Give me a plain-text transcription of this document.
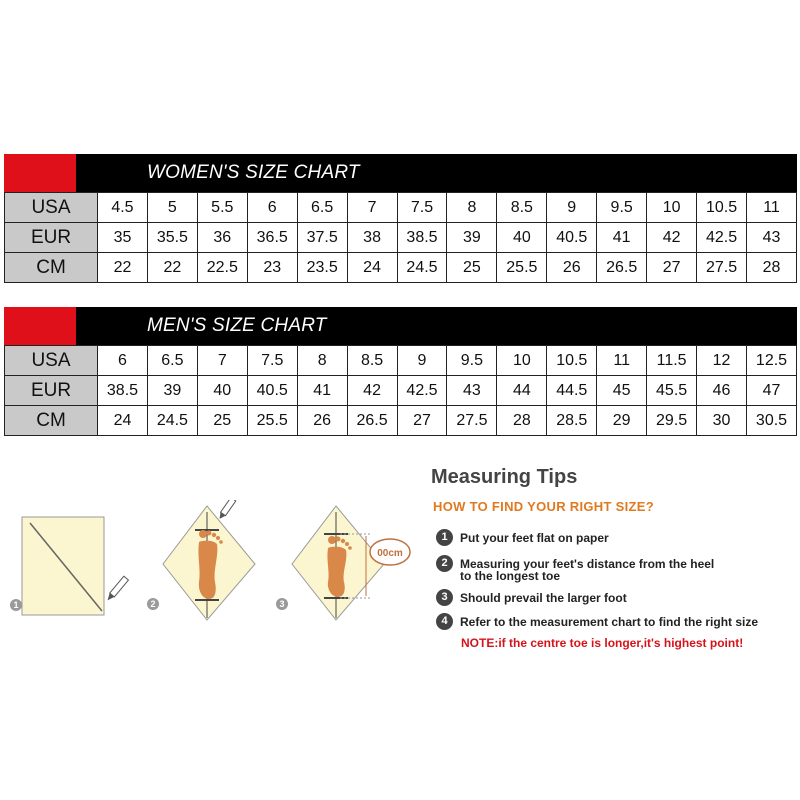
WOMEN'S SIZE CHART
USA	4.5	5	5.5	6	6.5	7	7.5	8	8.5	9	9.5	10	10.5	11
EUR	35	35.5	36	36.5	37.5	38	38.5	39	40	40.5	41	42	42.5	43
CM	22	22	22.5	23	23.5	24	24.5	25	25.5	26	26.5	27	27.5	28
MEN'S SIZE CHART
USA	6	6.5	7	7.5	8	8.5	9	9.5	10	10.5	11	11.5	12	12.5
EUR	38.5	39	40	40.5	41	42	42.5	43	44	44.5	45	45.5	46	47
CM	24	24.5	25	25.5	26	26.5	27	27.5	28	28.5	29	29.5	30	30.5
1	2
00cm
3
Measuring Tips
HOW TO FIND YOUR RIGHT SIZE?
1	Put your feet flat on paper
2	Measuring your feet's distance from the heel
to the longest toe
3	Should prevail the larger foot
4	Refer to the measurement chart to find the right size
NOTE:if the centre toe is longer,it's highest point!
